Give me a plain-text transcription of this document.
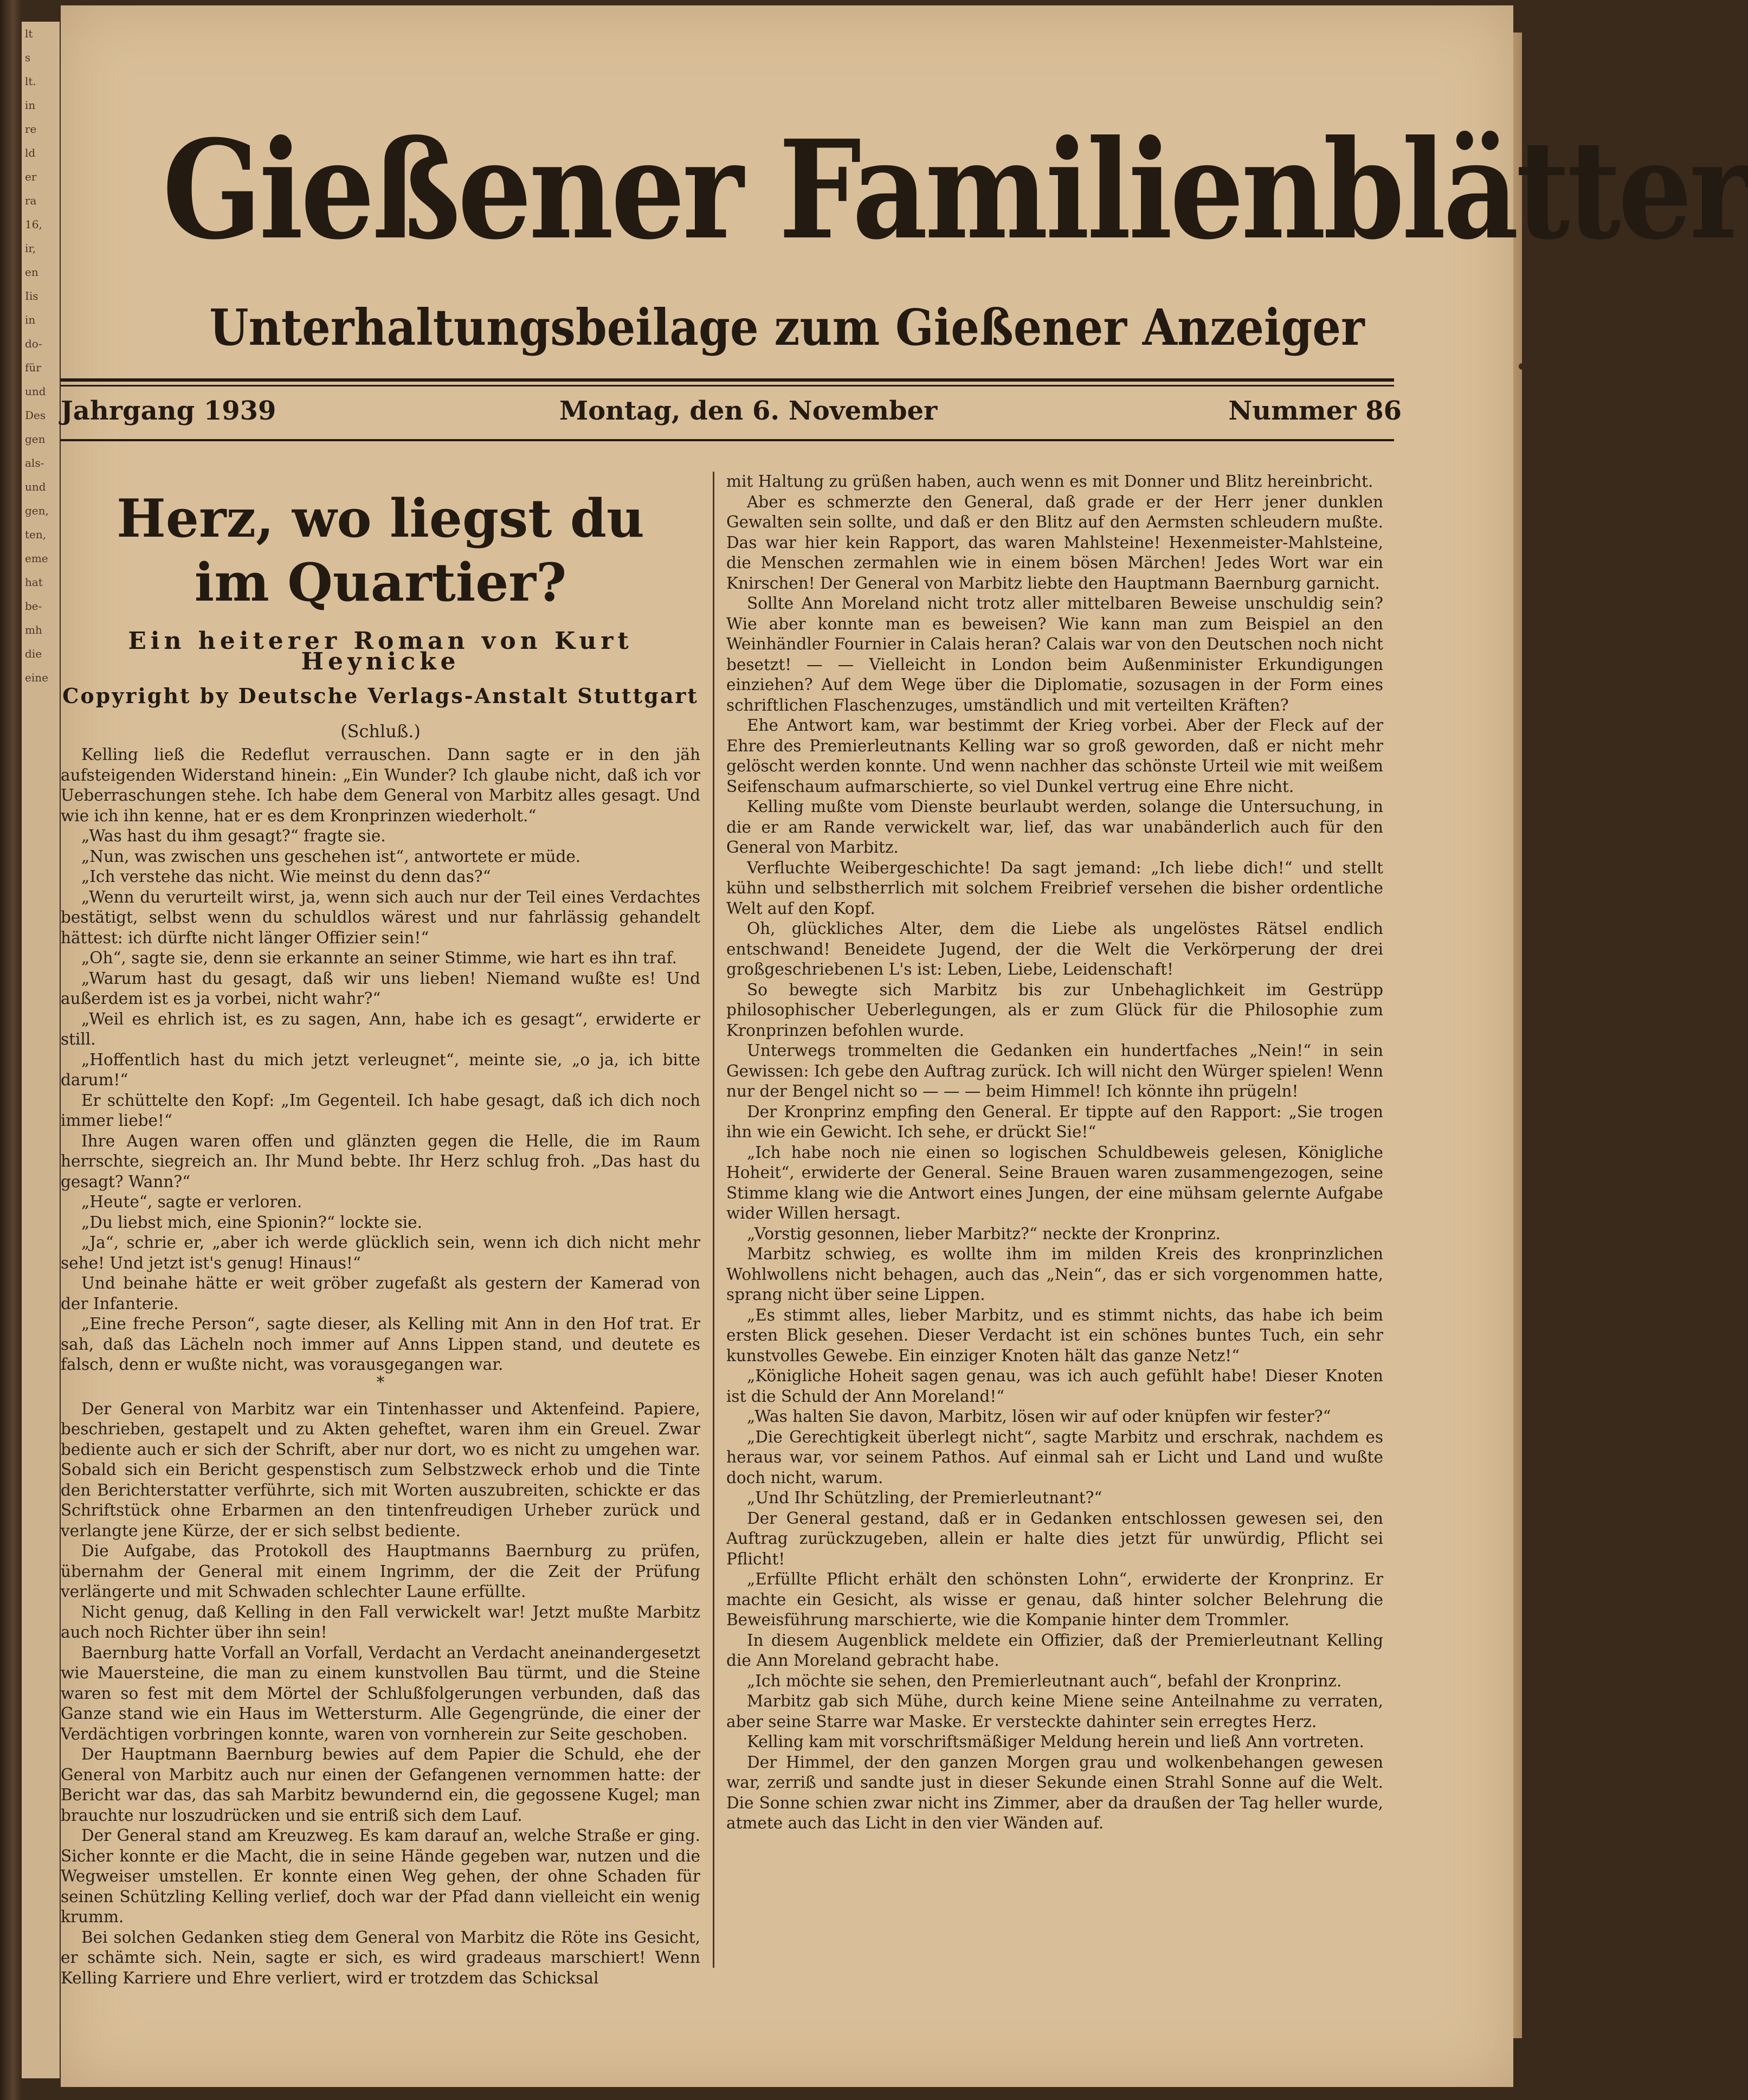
lt
s
lt.
in
re
ld
er
ra
16,
ir,
en
Iis
in
do-
für
und
Des
gen
als-
und
gen,
ten,
eme
hat
be-
mh
die
eine
Gießener Familienblätter
Unterhaltungsbeilage zum Gießener Anzeiger
Jahrgang 1939	Montag, den 6. November	Nummer 86
Herz, wo liegst du
im Quartier?
Ein heiterer Roman von Kurt Heynicke
Copyright by Deutsche Verlags-Anstalt Stuttgart
(Schluß.)

Kelling ließ die Redeflut verrauschen. Dann sagte er in den jäh aufsteigenden Widerstand hinein: „Ein Wunder? Ich glaube nicht, daß ich vor Ueberraschungen stehe. Ich habe dem General von Marbitz alles gesagt. Und wie ich ihn kenne, hat er es dem Kronprinzen wiederholt.“

„Was hast du ihm gesagt?“ fragte sie.

„Nun, was zwischen uns geschehen ist“, antwortete er müde.

„Ich verstehe das nicht. Wie meinst du denn das?“

„Wenn du verurteilt wirst, ja, wenn sich auch nur der Teil eines Verdachtes bestätigt, selbst wenn du schuldlos wärest und nur fahrlässig gehandelt hättest: ich dürfte nicht länger Offizier sein!“

„Oh“, sagte sie, denn sie erkannte an seiner Stimme, wie hart es ihn traf.

„Warum hast du gesagt, daß wir uns lieben! Niemand wußte es! Und außerdem ist es ja vorbei, nicht wahr?“

„Weil es ehrlich ist, es zu sagen, Ann, habe ich es gesagt“, erwiderte er still.

„Hoffentlich hast du mich jetzt verleugnet“, meinte sie, „o ja, ich bitte darum!“

Er schüttelte den Kopf: „Im Gegenteil. Ich habe gesagt, daß ich dich noch immer liebe!“

Ihre Augen waren offen und glänzten gegen die Helle, die im Raum herrschte, siegreich an. Ihr Mund bebte. Ihr Herz schlug froh. „Das hast du gesagt? Wann?“

„Heute“, sagte er verloren.

„Du liebst mich, eine Spionin?“ lockte sie.

„Ja“, schrie er, „aber ich werde glücklich sein, wenn ich dich nicht mehr sehe! Und jetzt ist's genug! Hinaus!“

Und beinahe hätte er weit gröber zugefaßt als gestern der Kamerad von der Infanterie.

„Eine freche Person“, sagte dieser, als Kelling mit Ann in den Hof trat. Er sah, daß das Lächeln noch immer auf Anns Lippen stand, und deutete es falsch, denn er wußte nicht, was vorausgegangen war.

*

Der General von Marbitz war ein Tintenhasser und Aktenfeind. Papiere, beschrieben, gestapelt und zu Akten geheftet, waren ihm ein Greuel. Zwar bediente auch er sich der Schrift, aber nur dort, wo es nicht zu umgehen war. Sobald sich ein Bericht gespenstisch zum Selbstzweck erhob und die Tinte den Berichterstatter verführte, sich mit Worten auszubreiten, schickte er das Schriftstück ohne Erbarmen an den tintenfreudigen Urheber zurück und verlangte jene Kürze, der er sich selbst bediente.

Die Aufgabe, das Protokoll des Hauptmanns Baernburg zu prüfen, übernahm der General mit einem Ingrimm, der die Zeit der Prüfung verlängerte und mit Schwaden schlechter Laune erfüllte.

Nicht genug, daß Kelling in den Fall verwickelt war! Jetzt mußte Marbitz auch noch Richter über ihn sein!

Baernburg hatte Vorfall an Vorfall, Verdacht an Verdacht aneinandergesetzt wie Mauersteine, die man zu einem kunstvollen Bau türmt, und die Steine waren so fest mit dem Mörtel der Schlußfolgerungen verbunden, daß das Ganze stand wie ein Haus im Wettersturm. Alle Gegengründe, die einer der Verdächtigen vorbringen konnte, waren von vornherein zur Seite geschoben.

Der Hauptmann Baernburg bewies auf dem Papier die Schuld, ehe der General von Marbitz auch nur einen der Gefangenen vernommen hatte: der Bericht war das, das sah Marbitz bewundernd ein, die gegossene Kugel; man brauchte nur loszudrücken und sie entriß sich dem Lauf.

Der General stand am Kreuzweg. Es kam darauf an, welche Straße er ging. Sicher konnte er die Macht, die in seine Hände gegeben war, nutzen und die Wegweiser umstellen. Er konnte einen Weg gehen, der ohne Schaden für seinen Schützling Kelling verlief, doch war der Pfad dann vielleicht ein wenig krumm.

Bei solchen Gedanken stieg dem General von Marbitz die Röte ins Gesicht, er schämte sich. Nein, sagte er sich, es wird gradeaus marschiert! Wenn Kelling Karriere und Ehre verliert, wird er trotzdem das Schicksal

mit Haltung zu grüßen haben, auch wenn es mit Donner und Blitz hereinbricht.

Aber es schmerzte den General, daß grade er der Herr jener dunklen Gewalten sein sollte, und daß er den Blitz auf den Aermsten schleudern mußte. Das war hier kein Rapport, das waren Mahlsteine! Hexenmeister-Mahlsteine, die Menschen zermahlen wie in einem bösen Märchen! Jedes Wort war ein Knirschen! Der General von Marbitz liebte den Hauptmann Baernburg garnicht.

Sollte Ann Moreland nicht trotz aller mittelbaren Beweise unschuldig sein? Wie aber konnte man es beweisen? Wie kann man zum Beispiel an den Weinhändler Fournier in Calais heran? Calais war von den Deutschen noch nicht besetzt! — — Vielleicht in London beim Außenminister Erkundigungen einziehen? Auf dem Wege über die Diplomatie, sozusagen in der Form eines schriftlichen Flaschenzuges, umständlich und mit verteilten Kräften?

Ehe Antwort kam, war bestimmt der Krieg vorbei. Aber der Fleck auf der Ehre des Premierleutnants Kelling war so groß geworden, daß er nicht mehr gelöscht werden konnte. Und wenn nachher das schönste Urteil wie mit weißem Seifenschaum aufmarschierte, so viel Dunkel vertrug eine Ehre nicht.

Kelling mußte vom Dienste beurlaubt werden, solange die Untersuchung, in die er am Rande verwickelt war, lief, das war unabänderlich auch für den General von Marbitz.

Verfluchte Weibergeschichte! Da sagt jemand: „Ich liebe dich!“ und stellt kühn und selbstherrlich mit solchem Freibrief versehen die bisher ordentliche Welt auf den Kopf.

Oh, glückliches Alter, dem die Liebe als ungelöstes Rätsel endlich entschwand! Beneidete Jugend, der die Welt die Verkörperung der drei großgeschriebenen L's ist: Leben, Liebe, Leidenschaft!

So bewegte sich Marbitz bis zur Unbehaglichkeit im Gestrüpp philosophischer Ueberlegungen, als er zum Glück für die Philosophie zum Kronprinzen befohlen wurde.

Unterwegs trommelten die Gedanken ein hundertfaches „Nein!“ in sein Gewissen: Ich gebe den Auftrag zurück. Ich will nicht den Würger spielen! Wenn nur der Bengel nicht so — — — beim Himmel! Ich könnte ihn prügeln!

Der Kronprinz empfing den General. Er tippte auf den Rapport: „Sie trogen ihn wie ein Gewicht. Ich sehe, er drückt Sie!“

„Ich habe noch nie einen so logischen Schuldbeweis gelesen, Königliche Hoheit“, erwiderte der General. Seine Brauen waren zusammengezogen, seine Stimme klang wie die Antwort eines Jungen, der eine mühsam gelernte Aufgabe wider Willen hersagt.

„Vorstig gesonnen, lieber Marbitz?“ neckte der Kronprinz.

Marbitz schwieg, es wollte ihm im milden Kreis des kronprinzlichen Wohlwollens nicht behagen, auch das „Nein“, das er sich vorgenommen hatte, sprang nicht über seine Lippen.

„Es stimmt alles, lieber Marbitz, und es stimmt nichts, das habe ich beim ersten Blick gesehen. Dieser Verdacht ist ein schönes buntes Tuch, ein sehr kunstvolles Gewebe. Ein einziger Knoten hält das ganze Netz!“

„Königliche Hoheit sagen genau, was ich auch gefühlt habe! Dieser Knoten ist die Schuld der Ann Moreland!“

„Was halten Sie davon, Marbitz, lösen wir auf oder knüpfen wir fester?“

„Die Gerechtigkeit überlegt nicht“, sagte Marbitz und erschrak, nachdem es heraus war, vor seinem Pathos. Auf einmal sah er Licht und Land und wußte doch nicht, warum.

„Und Ihr Schützling, der Premierleutnant?“

Der General gestand, daß er in Gedanken entschlossen gewesen sei, den Auftrag zurückzugeben, allein er halte dies jetzt für unwürdig, Pflicht sei Pflicht!

„Erfüllte Pflicht erhält den schönsten Lohn“, erwiderte der Kronprinz. Er machte ein Gesicht, als wisse er genau, daß hinter solcher Belehrung die Beweisführung marschierte, wie die Kompanie hinter dem Trommler.

In diesem Augenblick meldete ein Offizier, daß der Premierleutnant Kelling die Ann Moreland gebracht habe.

„Ich möchte sie sehen, den Premierleutnant auch“, befahl der Kronprinz.

Marbitz gab sich Mühe, durch keine Miene seine Anteilnahme zu verraten, aber seine Starre war Maske. Er versteckte dahinter sein erregtes Herz.

Kelling kam mit vorschriftsmäßiger Meldung herein und ließ Ann vortreten.

Der Himmel, der den ganzen Morgen grau und wolkenbehangen gewesen war, zerriß und sandte just in dieser Sekunde einen Strahl Sonne auf die Welt. Die Sonne schien zwar nicht ins Zimmer, aber da draußen der Tag heller wurde, atmete auch das Licht in den vier Wänden auf.
